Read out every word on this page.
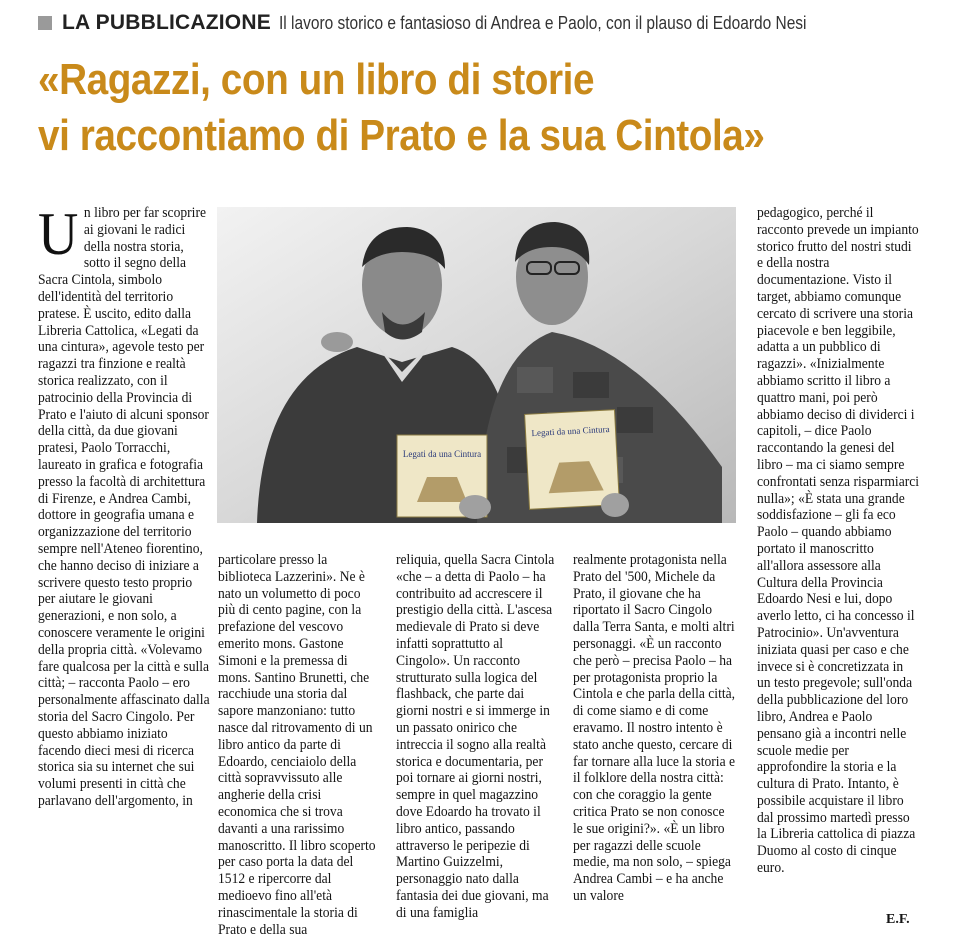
LA PUBBLICAZIONE Il lavoro storico e fantasioso di Andrea e Paolo, con il plauso di Edoardo Nesi
«Ragazzi, con un libro di storie
vi raccontiamo di Prato e la sua Cintola»
U n libro per far scoprire ai giovani le radici della nostra storia, sotto il segno della Sacra Cintola, simbolo dell'identità del territorio pratese. È uscito, edito dalla Libreria Cattolica, «Legati da una cintura», agevole testo per ragazzi tra finzione e realtà storica realizzato, con il patrocinio della Provincia di Prato e l'aiuto di alcuni sponsor della città, da due giovani pratesi, Paolo Torracchi, laureato in grafica e fotografia presso la facoltà di architettura di Firenze, e Andrea Cambi, dottore in geografia umana e organizzazione del territorio sempre nell'Ateneo fiorentino, che hanno deciso di iniziare a scrivere questo testo proprio per aiutare le giovani generazioni, e non solo, a conoscere veramente le origini della propria città. «Volevamo fare qualcosa per la città e sulla città; – racconta Paolo – ero personalmente affascinato dalla storia del Sacro Cingolo. Per questo abbiamo iniziato facendo dieci mesi di ricerca storica sia su internet che sui volumi presenti in città che parlavano dell'argomento, in

Legati da una Cintura
Legati da una Cintura

particolare presso la biblioteca Lazzerini». Ne è nato un volumetto di poco più di cento pagine, con la prefazione del vescovo emerito mons. Gastone Simoni e la premessa di mons. Santino Brunetti, che racchiude una storia dal sapore manzoniano: tutto nasce dal ritrovamento di un libro antico da parte di Edoardo, cenciaiolo della città sopravvissuto alle angherie della crisi economica che si trova davanti a una rarissimo manoscritto. Il libro scoperto per caso porta la data del 1512 e ripercorre dal medioevo fino all'età rinascimentale la storia di Prato e della sua

reliquia, quella Sacra Cintola «che – a detta di Paolo – ha contribuito ad accrescere il prestigio della città. L'ascesa medievale di Prato si deve infatti soprattutto al Cingolo». Un racconto strutturato sulla logica del flashback, che parte dai giorni nostri e si immerge in un passato onirico che intreccia il sogno alla realtà storica e documentaria, per poi tornare ai giorni nostri, sempre in quel magazzino dove Edoardo ha trovato il libro antico, passando attraverso le peripezie di Martino Guizzelmi, personaggio nato dalla fantasia dei due giovani, ma di una famiglia

realmente protagonista nella Prato del '500, Michele da Prato, il giovane che ha riportato il Sacro Cingolo dalla Terra Santa, e molti altri personaggi. «È un racconto che però – precisa Paolo – ha per protagonista proprio la Cintola e che parla della città, di come siamo e di come eravamo. Il nostro intento è stato anche questo, cercare di far tornare alla luce la storia e il folklore della nostra città: con che coraggio la gente critica Prato se non conosce le sue origini?». «È un libro per ragazzi delle scuole medie, ma non solo, – spiega Andrea Cambi – e ha anche un valore

pedagogico, perché il racconto prevede un impianto storico frutto del nostri studi e della nostra documentazione. Visto il target, abbiamo comunque cercato di scrivere una storia piacevole e ben leggibile, adatta a un pubblico di ragazzi». «Inizialmente abbiamo scritto il libro a quattro mani, poi però abbiamo deciso di dividerci i capitoli, – dice Paolo raccontando la genesi del libro – ma ci siamo sempre confrontati senza risparmiarci nulla»; «È stata una grande soddisfazione – gli fa eco Paolo – quando abbiamo portato il manoscritto all'allora assessore alla Cultura della Provincia Edoardo Nesi e lui, dopo averlo letto, ci ha concesso il Patrocinio». Un'avventura iniziata quasi per caso e che invece si è concretizzata in un testo pregevole; sull'onda della pubblicazione del loro libro, Andrea e Paolo pensano già a incontri nelle scuole medie per approfondire la storia e la cultura di Prato. Intanto, è possibile acquistare il libro dal prossimo martedì presso la Libreria cattolica di piazza Duomo al costo di cinque euro.

E.F.
